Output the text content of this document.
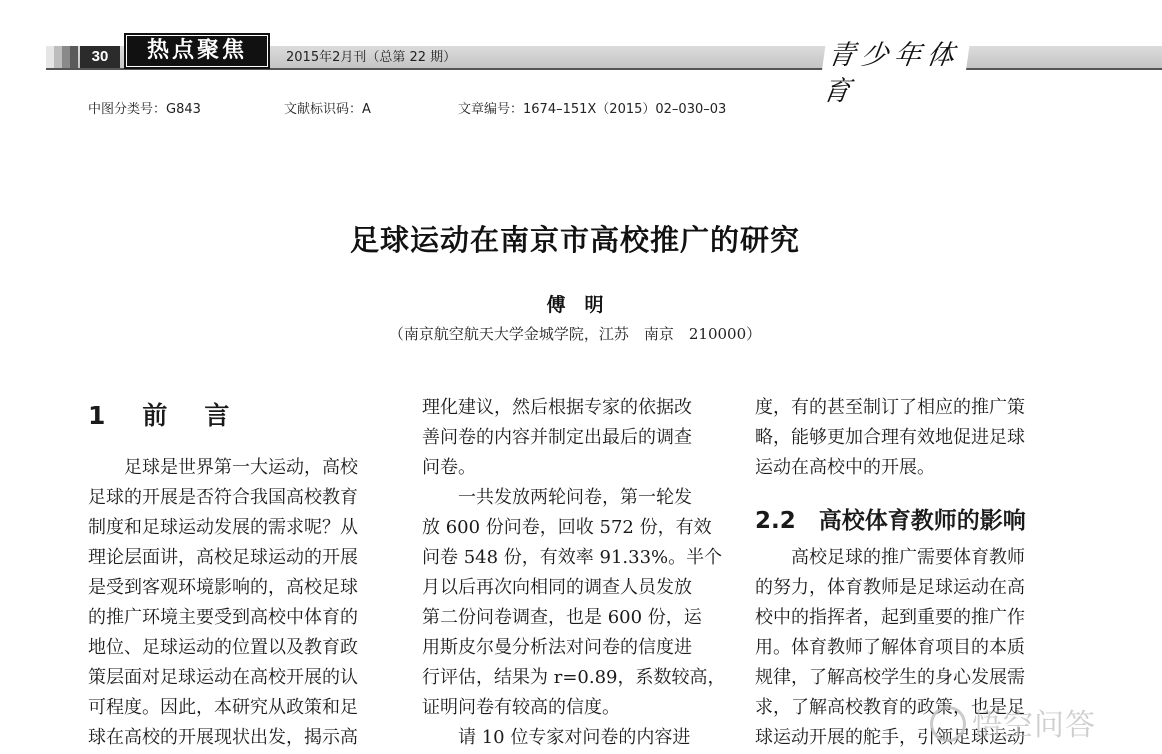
30	热点聚焦	2015年2月刊（总第 22 期）	青少年体育
中图分类号：G843	文献标识码：A	文章编号：1674–151X（2015）02–030–03
足球运动在南京市高校推广的研究
傅　明
（南京航空航天大学金城学院，江苏　南京　210000）
1　前　言
　　足球是世界第一大运动，高校
足球的开展是否符合我国高校教育
制度和足球运动发展的需求呢？从
理论层面讲，高校足球运动的开展
是受到客观环境影响的，高校足球
的推广环境主要受到高校中体育的
地位、足球运动的位置以及教育政
策层面对足球运动在高校开展的认
可程度。因此，本研究从政策和足
球在高校的开展现状出发，揭示高
理化建议，然后根据专家的依据改
善问卷的内容并制定出最后的调查
问卷。
　　一共发放两轮问卷，第一轮发
放 600 份问卷，回收 572 份，有效
问卷 548 份，有效率 91.33%。半个
月以后再次向相同的调查人员发放
第二份问卷调查，也是 600 份，运
用斯皮尔曼分析法对问卷的信度进
行评估，结果为 r=0.89，系数较高，
证明问卷有较高的信度。
　　请 10 位专家对问卷的内容进
度，有的甚至制订了相应的推广策
略，能够更加合理有效地促进足球
运动在高校中的开展。
2.2　高校体育教师的影响
　　高校足球的推广需要体育教师
的努力，体育教师是足球运动在高
校中的指挥者，起到重要的推广作
用。体育教师了解体育项目的本质
规律，了解高校学生的身心发展需
求，了解高校教育的政策，也是足
球运动开展的舵手，引领足球运动
悟空问答
